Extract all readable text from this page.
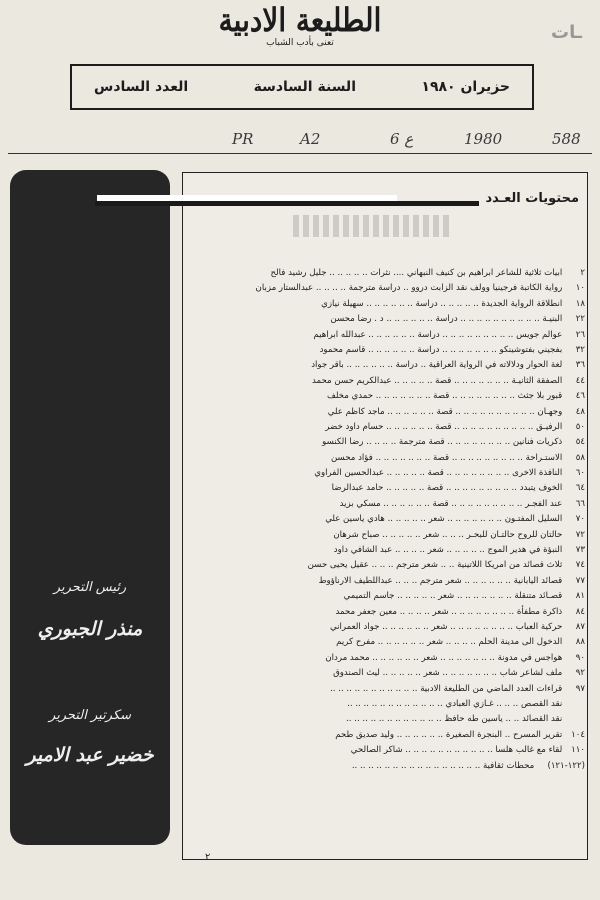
الطليعة الادبية
تعنى بأدب الشباب	ـات
العدد السادس	السنة السادسة	حزيران ١٩٨٠
PR	A2	6 ع	1980	588
رئيس التحرير
منذر الجبوري
سكرتير التحرير
خضير عبد الامير
محتويات العـدد
٢ ابيات ثلاثية للشاعر ابراهيم بن كنيف النبهاني .... نثرات .. .. .. .. .. جليل رشيد فالح
١٠ رواية الكاتبة فرجينيا وولف نقد الزابت دروو .. دراسة مترجمة .. .. .. .. عبدالستار مزبان
١٨ انطلاقة الرواية الجديدة .. .. .. .. .. دراسة .. .. .. .. .. .. سهيلة نيازي
٢٢ البنيـة .. .. .. .. .. .. .. .. .. .. دراسة .. .. .. .. .. .. د . رضا محسن
٢٦ عوالم جويس .. .. .. .. .. .. .. .. .. دراسة .. .. .. .. .. .. عبدالله ابراهيم
٣٢ بفجيني بفتوشينكو .. .. .. .. .. .. .. دراسة .. .. .. .. .. .. قاسم محمود
٣٦ لغة الحوار ودلالاته في الرواية العراقية .. دراسة .. .. .. .. .. .. باقر جواد
٤٤ الصفقة الثانيـة .. .. .. .. .. .. .. قصة .. .. .. .. .. عبدالكريم حسن محمد
٤٦ قبور بلا جثث .. .. .. .. .. .. .. .. قصة .. .. .. .. .. .. .. حمدي مخلف
٤٨ وجهـان .. .. .. .. .. .. .. .. .. .. قصة .. .. .. .. .. .. ماجد كاظم علي
٥٠ الرفيـق .. .. .. .. .. .. .. .. .. .. قصة .. .. .. .. .. .. حسام داود خضر
٥٤ ذكريات فنانين .. .. .. .. .. .. .. .. قصة مترجمة .. .. .. .. رضا الكنسو
٥٨ الاستـراحة .. .. .. .. .. .. .. .. .. قصة .. .. .. .. .. .. .. فؤاد محسن
٦٠ النافذة الاخرى .. .. .. .. .. .. .. .. قصة .. .. .. .. .. عبدالحسين الفراوي
٦٤ الخوف يتبدد .. .. .. .. .. .. .. .. .. قصة .. .. .. .. .. حامد عبدالرضا
٦٦ عند الفجـر .. .. .. .. .. .. .. .. .. قصة .. .. .. .. .. .. مسكي بزيد
٧٠ السليل المفتـون .. .. .. .. .. .. .. شعر .. .. .. .. .. هادي ياسين علي
٧٢ حالتان للروح حالتـان للبحـر .. .. .. شعر .. .. .. .. .. صباح شرهان
٧٣ النبؤة في هدير الموج .. .. .. .. .. شعر .. .. .. .. عبد الشافي داود
٧٤ ثلاث قصائد من امريكا اللاتينية .. .. شعر مترجم .. .. .. عقيل يحيى حسن
٧٧ قصائد اليابانية .. .. .. .. .. .. شعر مترجم .. .. .. عبداللطيف الارناؤوط
٨١ قصـائد متنقلة .. .. .. .. .. .. .. شعر .. .. .. .. .. جاسم التميمي
٨٤ ذاكرة مطفأة .. .. .. .. .. .. .. .. شعر .. .. .. .. معين جعفر محمد
٨٧ حركية العباب .. .. .. .. .. .. .. .. شعر .. .. .. .. .. .. جواد العمراني
٨٨ الدخول الى مدينة الحلم .. .. .. .. شعر .. .. .. .. .. .. مفرح كريم
٩٠ هواجس في مدونة .. .. .. .. .. .. .. شعر .. .. .. .. .. .. محمد مردان
٩٢ ملف لشاعر شاب .. .. .. .. .. .. .. شعر .. .. .. .. .. ليث الصندوق
٩٧ قراءات العدد الماضي من الطليعة الادبية .. .. .. .. .. .. .. .. .. .. ..
نقد القصص .. .. .. غـازي العبادي .. .. .. .. .. .. .. .. .. .. .. ..
نقد القصائد .. .. ياسين طه حافظ .. .. .. .. .. .. .. .. .. .. .. ..
١٠٤ تقرير المسرح .. البنجرة الصغيرة .. .. .. .. .. .. وليد صديق طحم
١١٠ لقاء مع غالب هلسا .. .. .. .. .. .. .. .. .. .. .. شاكر الصالحي
(١٢٢-١٢١) محطات ثقافية .. .. .. .. .. .. .. .. .. .. .. .. .. .. .. ..
٢
